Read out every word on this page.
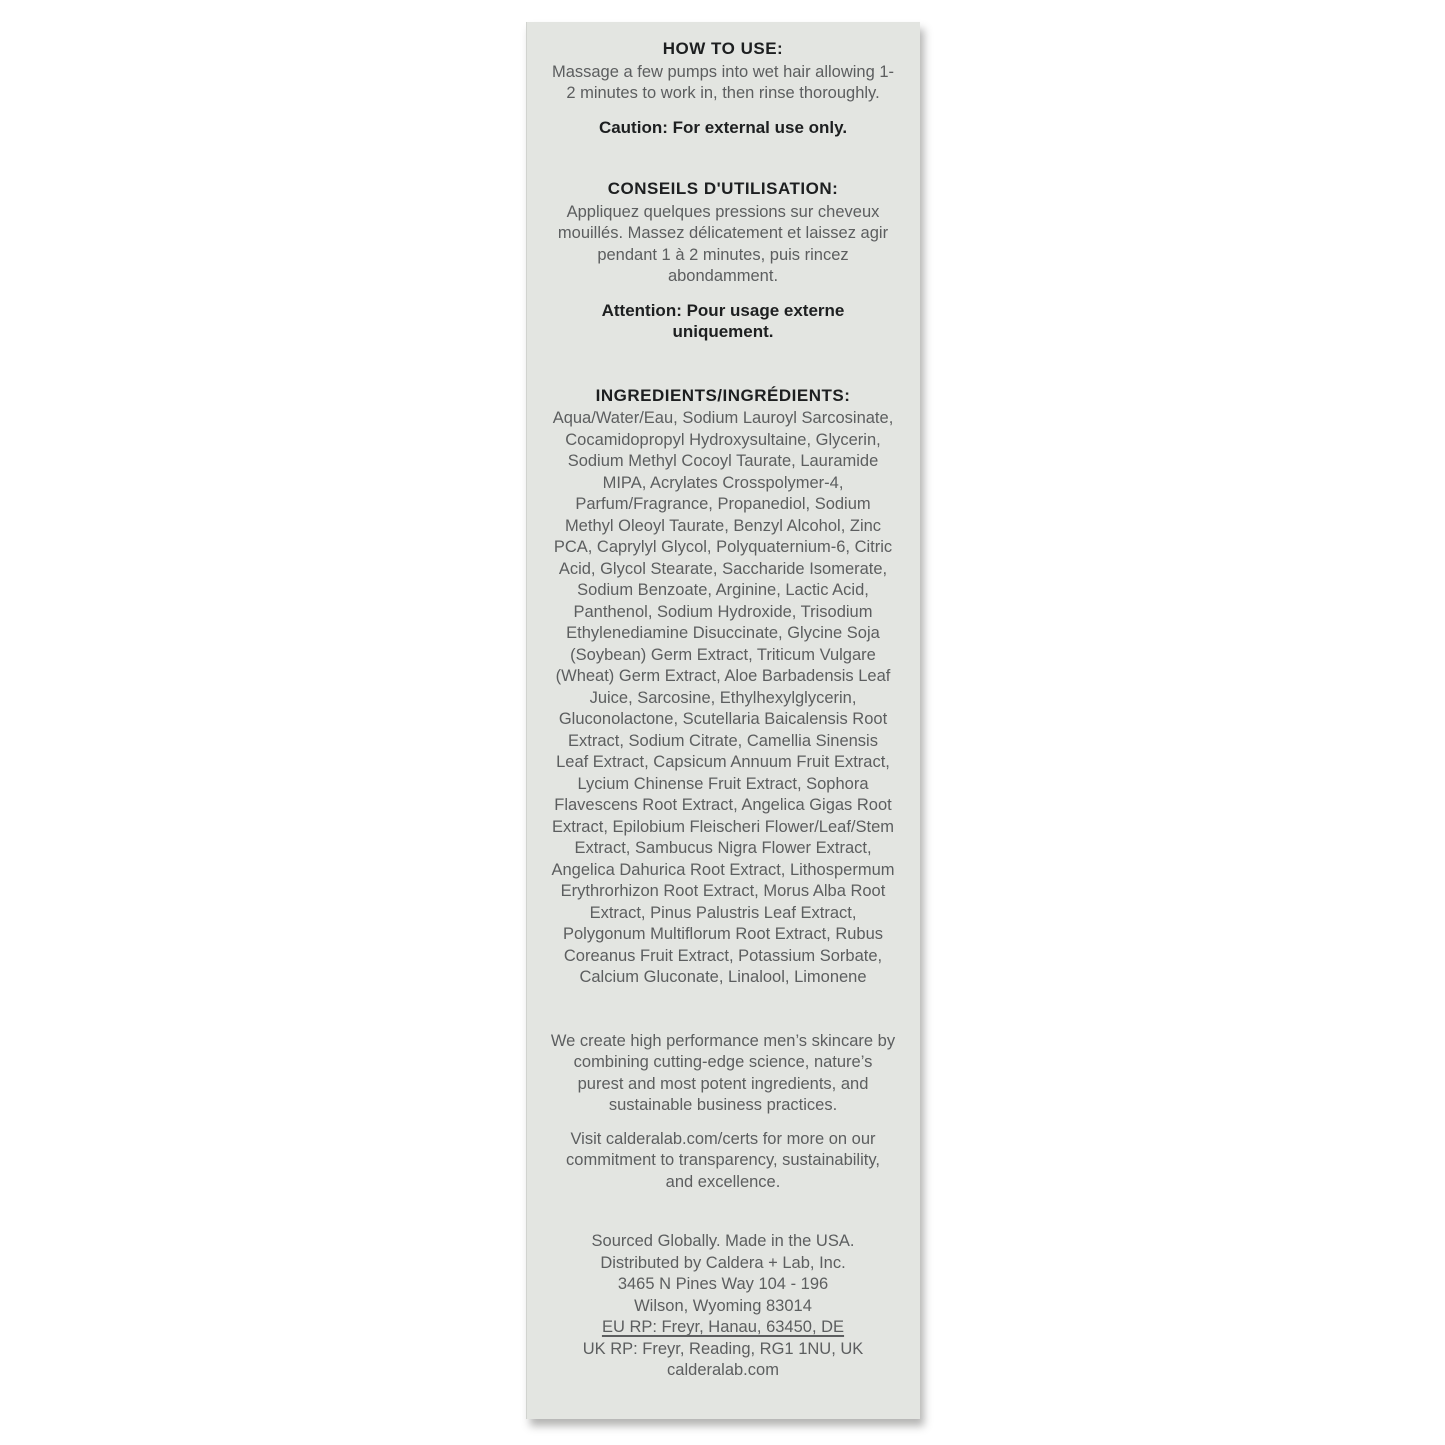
HOW TO USE:

Massage a few pumps into wet hair allowing 1-2 minutes to work in, then rinse thoroughly.

Caution: For external use only.

CONSEILS D'UTILISATION:

Appliquez quelques pressions sur cheveux mouillés. Massez délicatement et laissez agir pendant 1 à 2 minutes, puis rincez abondamment.

Attention: Pour usage externe uniquement.

INGREDIENTS/INGRÉDIENTS:

Aqua/Water/Eau, Sodium Lauroyl Sarcosinate, Cocamidopropyl Hydroxysultaine, Glycerin, Sodium Methyl Cocoyl Taurate, Lauramide MIPA, Acrylates Crosspolymer-4, Parfum/Fragrance, Propanediol, Sodium Methyl Oleoyl Taurate, Benzyl Alcohol, Zinc PCA, Caprylyl Glycol, Polyquaternium-6, Citric Acid, Glycol Stearate, Saccharide Isomerate, Sodium Benzoate, Arginine, Lactic Acid, Panthenol, Sodium Hydroxide, Trisodium Ethylenediamine Disuccinate, Glycine Soja (Soybean) Germ Extract, Triticum Vulgare (Wheat) Germ Extract, Aloe Barbadensis Leaf Juice, Sarcosine, Ethylhexylglycerin, Gluconolactone, Scutellaria Baicalensis Root Extract, Sodium Citrate, Camellia Sinensis Leaf Extract, Capsicum Annuum Fruit Extract, Lycium Chinense Fruit Extract, Sophora Flavescens Root Extract, Angelica Gigas Root Extract, Epilobium Fleischeri Flower/Leaf/Stem Extract, Sambucus Nigra Flower Extract, Angelica Dahurica Root Extract, Lithospermum Erythrorhizon Root Extract, Morus Alba Root Extract, Pinus Palustris Leaf Extract, Polygonum Multiflorum Root Extract, Rubus Coreanus Fruit Extract, Potassium Sorbate, Calcium Gluconate, Linalool, Limonene

We create high performance men’s skincare by combining cutting-edge science, nature’s purest and most potent ingredients, and sustainable business practices.

Visit calderalab.com/certs for more on our commitment to transparency, sustainability, and excellence.

Sourced Globally. Made in the USA.
Distributed by Caldera + Lab, Inc.
3465 N Pines Way 104 - 196
Wilson, Wyoming 83014
EU RP: Freyr, Hanau, 63450, DE
UK RP: Freyr, Reading, RG1 1NU, UK
calderalab.com
